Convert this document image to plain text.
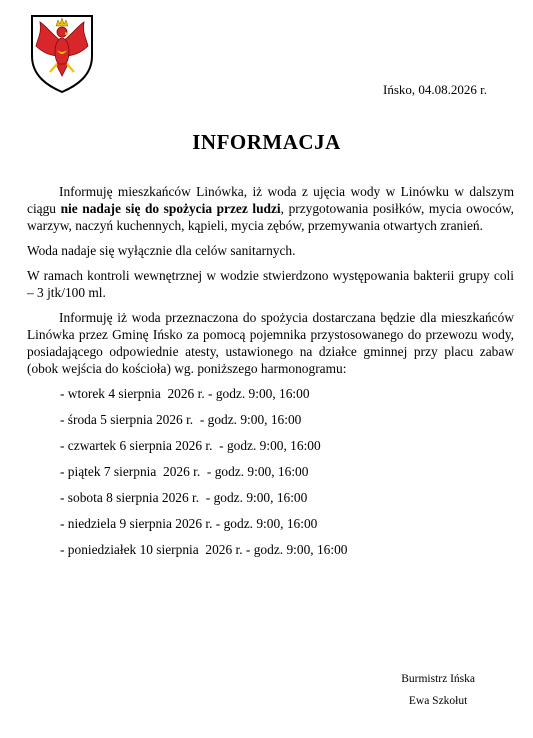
Ińsko, 04.08.2026 r.
INFORMACJA

Informuję mieszkańców Linówka, iż woda z ujęcia wody w Linówku w dalszym ciągu nie nadaje się do spożycia przez ludzi, przygotowania posiłków, mycia owoców, warzyw, naczyń kuchennych, kąpieli, mycia zębów, przemywania otwartych zranień.

Woda nadaje się wyłącznie dla celów sanitarnych.

W ramach kontroli wewnętrznej w wodzie stwierdzono występowania bakterii grupy coli – 3 jtk/100 ml.

Informuję iż woda przeznaczona do spożycia dostarczana będzie dla mieszkańców Linówka przez Gminę Ińsko za pomocą pojemnika przystosowanego do przewozu wody, posiadającego odpowiednie atesty, ustawionego na działce gminnej przy placu zabaw (obok wejścia do kościoła) wg. poniższego harmonogramu:

- wtorek 4 sierpnia  2026 r. - godz. 9:00, 16:00
- środa 5 sierpnia 2026 r.  - godz. 9:00, 16:00
- czwartek 6 sierpnia 2026 r.  - godz. 9:00, 16:00
- piątek 7 sierpnia  2026 r.  - godz. 9:00, 16:00
- sobota 8 sierpnia 2026 r.  - godz. 9:00, 16:00
- niedziela 9 sierpnia 2026 r. - godz. 9:00, 16:00
- poniedziałek 10 sierpnia  2026 r. - godz. 9:00, 16:00
Burmistrz Ińska
Ewa Szkołut
